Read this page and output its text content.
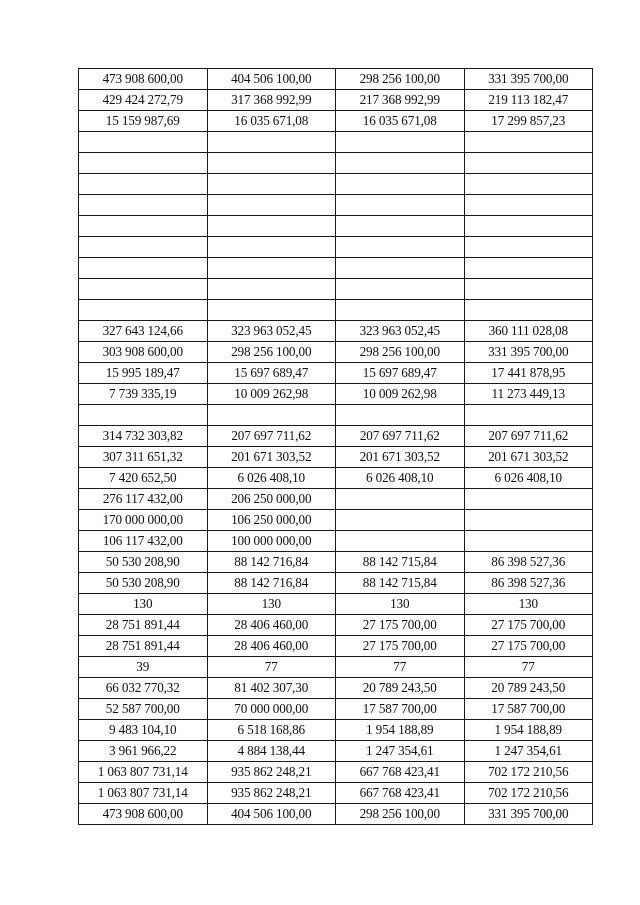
473 908 600,00	404 506 100,00	298 256 100,00	331 395 700,00
429 424 272,79	317 368 992,99	217 368 992,99	219 113 182,47
15 159 987,69	16 035 671,08	16 035 671,08	17 299 857,23

327 643 124,66	323 963 052,45	323 963 052,45	360 111 028,08
303 908 600,00	298 256 100,00	298 256 100,00	331 395 700,00
15 995 189,47	15 697 689,47	15 697 689,47	17 441 878,95
7 739 335,19	10 009 262,98	10 009 262,98	11 273 449,13

314 732 303,82	207 697 711,62	207 697 711,62	207 697 711,62
307 311 651,32	201 671 303,52	201 671 303,52	201 671 303,52
7 420 652,50	6 026 408,10	6 026 408,10	6 026 408,10
276 117 432,00	206 250 000,00		
170 000 000,00	106 250 000,00		
106 117 432,00	100 000 000,00		
50 530 208,90	88 142 716,84	88 142 715,84	86 398 527,36
50 530 208,90	88 142 716,84	88 142 715,84	86 398 527,36
130	130	130	130
28 751 891,44	28 406 460,00	27 175 700,00	27 175 700,00
28 751 891,44	28 406 460,00	27 175 700,00	27 175 700,00
39	77	77	77
66 032 770,32	81 402 307,30	20 789 243,50	20 789 243,50
52 587 700,00	70 000 000,00	17 587 700,00	17 587 700,00
9 483 104,10	6 518 168,86	1 954 188,89	1 954 188,89
3 961 966,22	4 884 138,44	1 247 354,61	1 247 354,61
1 063 807 731,14	935 862 248,21	667 768 423,41	702 172 210,56
1 063 807 731,14	935 862 248,21	667 768 423,41	702 172 210,56
473 908 600,00	404 506 100,00	298 256 100,00	331 395 700,00
